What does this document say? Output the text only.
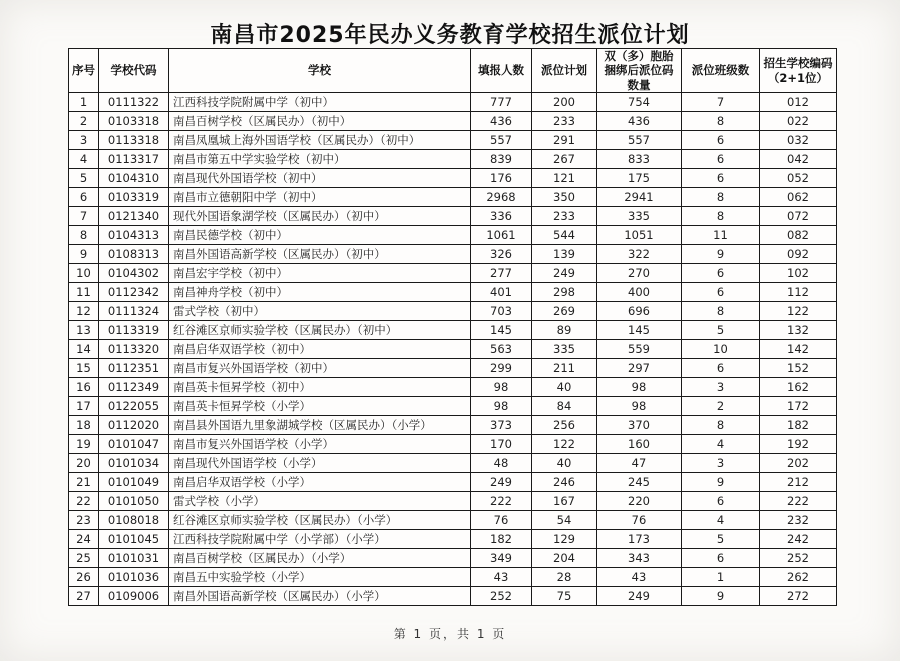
南昌市2025年民办义务教育学校招生派位计划
序号	学校代码	学校	填报人数	派位计划	双（多）胞胎捆绑后派位码数量	派位班级数	招生学校编码（2+1位）
1	0111322	江西科技学院附属中学（初中）	777	200	754	7	012
2	0103318	南昌百树学校（区属民办）（初中）	436	233	436	8	022
3	0113318	南昌凤凰城上海外国语学校（区属民办）（初中）	557	291	557	6	032
4	0113317	南昌市第五中学实验学校（初中）	839	267	833	6	042
5	0104310	南昌现代外国语学校（初中）	176	121	175	6	052
6	0103319	南昌市立德朝阳中学（初中）	2968	350	2941	8	062
7	0121340	现代外国语象湖学校（区属民办）（初中）	336	233	335	8	072
8	0104313	南昌民德学校（初中）	1061	544	1051	11	082
9	0108313	南昌外国语高新学校（区属民办）（初中）	326	139	322	9	092
10	0104302	南昌宏宇学校（初中）	277	249	270	6	102
11	0112342	南昌神舟学校（初中）	401	298	400	6	112
12	0111324	雷式学校（初中）	703	269	696	8	122
13	0113319	红谷滩区京师实验学校（区属民办）（初中）	145	89	145	5	132
14	0113320	南昌启华双语学校（初中）	563	335	559	10	142
15	0112351	南昌市复兴外国语学校（初中）	299	211	297	6	152
16	0112349	南昌英卡恒昇学校（初中）	98	40	98	3	162
17	0122055	南昌英卡恒昇学校（小学）	98	84	98	2	172
18	0112020	南昌县外国语九里象湖城学校（区属民办）（小学）	373	256	370	8	182
19	0101047	南昌市复兴外国语学校（小学）	170	122	160	4	192
20	0101034	南昌现代外国语学校（小学）	48	40	47	3	202
21	0101049	南昌启华双语学校（小学）	249	246	245	9	212
22	0101050	雷式学校（小学）	222	167	220	6	222
23	0108018	红谷滩区京师实验学校（区属民办）（小学）	76	54	76	4	232
24	0101045	江西科技学院附属中学（小学部）（小学）	182	129	173	5	242
25	0101031	南昌百树学校（区属民办）（小学）	349	204	343	6	252
26	0101036	南昌五中实验学校（小学）	43	28	43	1	262
27	0109006	南昌外国语高新学校（区属民办）（小学）	252	75	249	9	272
第 1 页，共 1 页
